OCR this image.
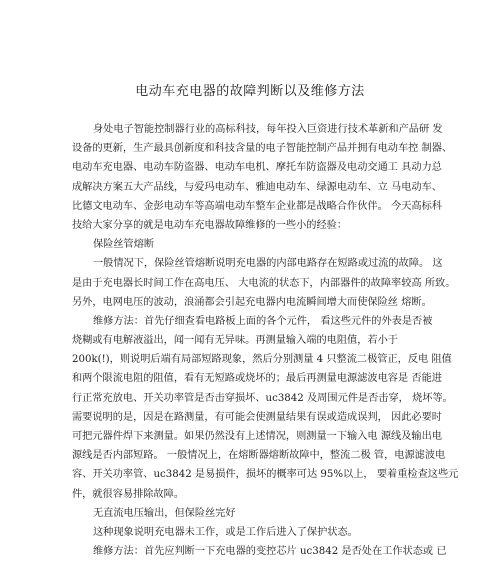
电动车充电器的故障判断以及维修方法
身处电子智能控制器行业的高标科技，每年投入巨资进行技术革新和产品研 发
设备的更新，生产最具创新度和科技含量的电子智能控制产品并拥有电动车控 制器、
电动车充电器、电动车防盗器、电动车电机、摩托车防盗器及电动交通工 具动力总
成解决方案五大产品线，与爱玛电动车、雅迪电动车、绿源电动车、立 马电动车、
比德文电动车、金彭电动车等高端电动车整车企业都是战略合作伙伴。 今天高标科
技给大家分享的就是电动车充电器故障维修的一些小的经验：
保险丝管熔断
一般情况下，保险丝管熔断说明充电器的内部电路存在短路或过流的故障。 这
是由于充电器长时间工作在高电压、 大电流的状态下，内部器件的故障率较高 所致。
另外，电网电压的波动，浪涌都会引起充电器内电流瞬间增大而使保险丝 熔断。
维修方法：首先仔细查看电路板上面的各个元件， 看这些元件的外表是否被
烧糊或有电解液溢出，闻一闻有无异味。再测量输入端的电阻值，若小于
200k(!)，则说明后端有局部短路现象，然后分别测量 4 只整流二极管正，反电 阻值
和两个限流电阻的阻值，看有无短路或烧坏的；最后再测量电源滤波电容是 否能进
行正常充放电、开关功率管是否击穿损坏、uc3842 及周围元件是否击穿， 烧坏等。
需要说明的是，因是在路测量，有可能会使测量结果有误或造成误判， 因此必要时
可把元器件焊下来测量。如果仍然没有上述情况，则测量一下输入电 源线及输出电
源线是否内部短路。 一般情况上，在熔断器熔断故障中，整流二极 管，电源滤波电
容、开关功率管、uc3842 是易损件，损坏的概率可达 95%以上， 要着重检查这些元
件，就很容易排除故障。
无直流电压输出，但保险丝完好
这种现象说明充电器未工作，或是工作后进入了保护状态。
维修方法：首先应判断一下充电器的变控芯片 uc3842 是否处在工作状态或 已
